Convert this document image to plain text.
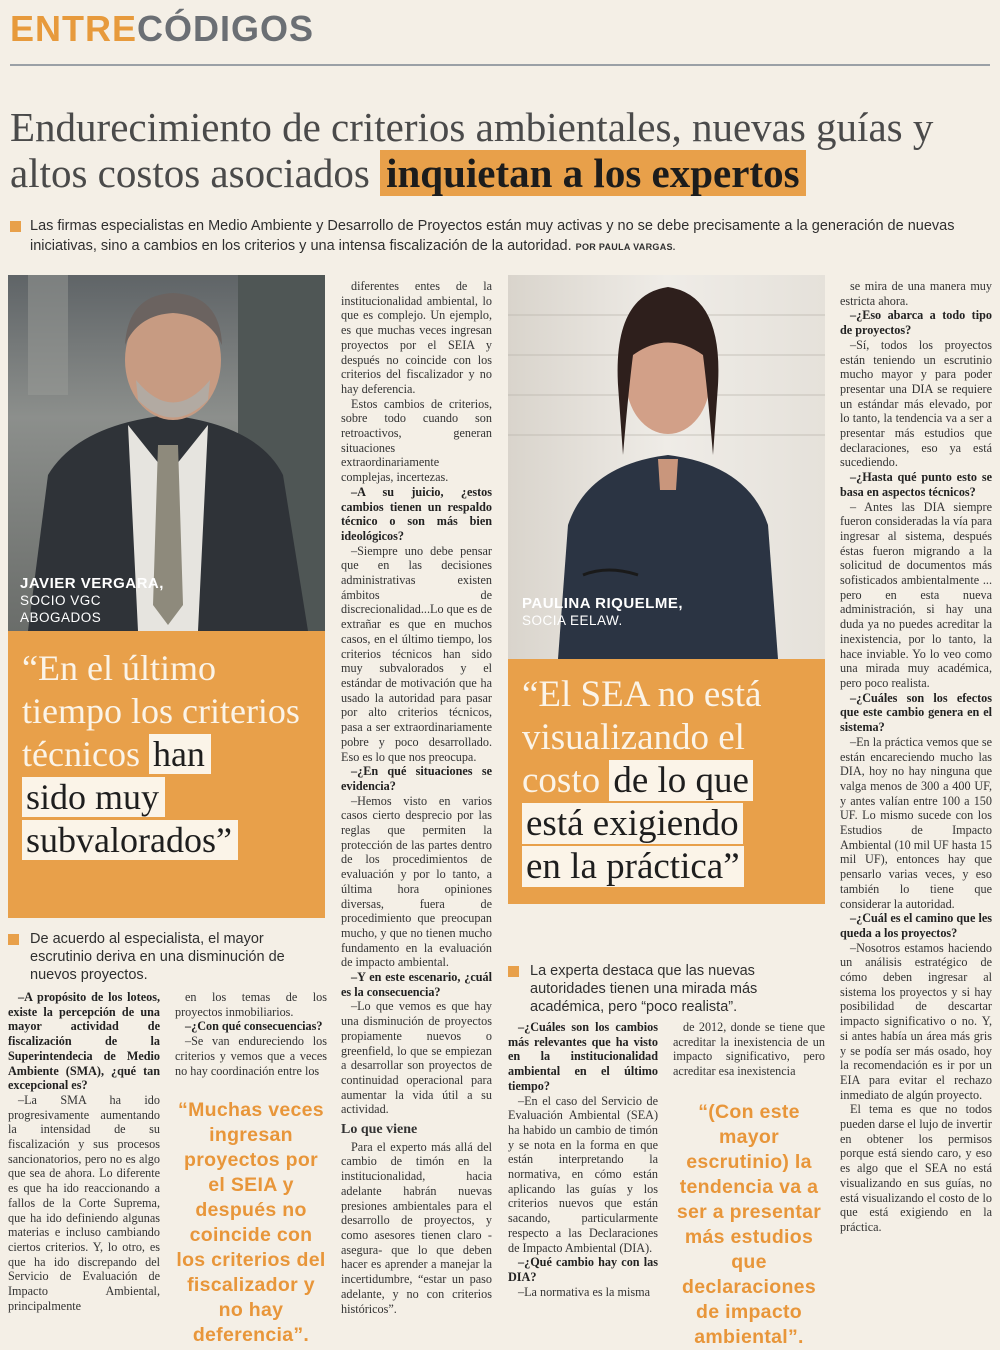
ENTRECÓDIGOS
Endurecimiento de criterios ambientales, nuevas guías y altos costos asociados inquietan a los expertos
Las firmas especialistas en Medio Ambiente y Desarrollo de Proyectos están muy activas y no se debe precisamente a la generación de nuevas iniciativas, sino a cambios en los criterios y una intensa fiscalización de la autoridad. POR PAULA VARGAS.
JAVIER VERGARA,
SOCIO VGC
ABOGADOS
“En el último tiempo los criterios técnicos han
sido muy
subvalorados”
De acuerdo al especialista, el mayor escrutinio deriva en una disminución de nuevos proyectos.

–A propósito de los loteos, existe la percepción de una mayor actividad de fiscalización de la Superintendecia de Medio Ambiente (SMA), ¿qué tan excepcional es?

–La SMA ha ido progresivamente aumentando la intensidad de su fiscalización y sus procesos sancionatorios, pero no es algo que sea de ahora. Lo diferente es que ha ido reaccionando a fallos de la Corte Suprema, que ha ido definiendo algunas materias e incluso cambiando ciertos criterios. Y, lo otro, es que ha ido discrepando del Servicio de Evaluación de Impacto Ambiental, principalmente

en los temas de los proyectos inmobiliarios.

–¿Con qué consecuencias?

–Se van endureciendo los criterios y vemos que a veces no hay coordinación entre los

“Muchas veces ingresan proyectos por el SEIA y después no coincide con los criterios del fiscalizador y no hay deferencia”.

diferentes entes de la institucionalidad ambiental, lo que es complejo. Un ejemplo, es que muchas veces ingresan proyectos por el SEIA y después no coincide con los criterios del fiscalizador y no hay deferencia.

Estos cambios de criterios, sobre todo cuando son retroactivos, generan situaciones extraordinariamente complejas, incertezas.

–A su juicio, ¿estos cambios tienen un respaldo técnico o son más bien ideológicos?

–Siempre uno debe pensar que en las decisiones administrativas existen ámbitos de discrecionalidad...Lo que es de extrañar es que en muchos casos, en el último tiempo, los criterios técnicos han sido muy subvalorados y el estándar de motivación que ha usado la autoridad para pasar por alto criterios técnicos, pasa a ser extraordinariamente pobre y poco desarrollado. Eso es lo que nos preocupa.

–¿En qué situaciones se evidencia?

–Hemos visto en varios casos cierto desprecio por las reglas que permiten la protección de las partes dentro de los procedimientos de evaluación y por lo tanto, a última hora opiniones diversas, fuera de procedimiento que preocupan mucho, y que no tienen mucho fundamento en la evaluación de impacto ambiental.

–Y en este escenario, ¿cuál es la consecuencia?

–Lo que vemos es que hay una disminución de proyectos propiamente nuevos o greenfield, lo que se empiezan a desarrollar son proyectos de continuidad operacional para aumentar la vida útil a su actividad.

Lo que viene

Para el experto más allá del cambio de timón en la institucionalidad, hacia adelante habrán nuevas presiones ambientales para el desarrollo de proyectos, y como asesores tienen claro -asegura- que lo que deben hacer es aprender a manejar la incertidumbre, “estar un paso adelante, y no con criterios históricos”.

PAULINA RIQUELME,
SOCIA EELAW.
“El SEA no está visualizando el costo de lo que
está exigiendo
en la práctica”
La experta destaca que las nuevas autoridades tienen una mirada más académica, pero “poco realista”.

–¿Cuáles son los cambios más relevantes que ha visto en la institucionalidad ambiental en el último tiempo?

–En el caso del Servicio de Evaluación Ambiental (SEA) ha habido un cambio de timón y se nota en la forma en que están interpretando la normativa, en cómo están aplicando las guías y los criterios nuevos que están sacando, particularmente respecto a las Declaraciones de Impacto Ambiental (DIA).

–¿Qué cambio hay con las DIA?

–La normativa es la misma

de 2012, donde se tiene que acreditar la inexistencia de un impacto significativo, pero acreditar esa inexistencia

“(Con este mayor escrutinio) la tendencia va a ser a presentar más estudios que declaraciones de impacto ambiental”.

se mira de una manera muy estricta ahora.

–¿Eso abarca a todo tipo de proyectos?

–Sí, todos los proyectos están teniendo un escrutinio mucho mayor y para poder presentar una DIA se requiere un estándar más elevado, por lo tanto, la tendencia va a ser a presentar más estudios que declaraciones, eso ya está sucediendo.

–¿Hasta qué punto esto se basa en aspectos técnicos?

– Antes las DIA siempre fueron consideradas la vía para ingresar al sistema, después éstas fueron migrando a la solicitud de documentos más sofisticados ambientalmente ... pero en esta nueva administración, si hay una duda ya no puedes acreditar la inexistencia, por lo tanto, la hace inviable. Yo lo veo como una mirada muy académica, pero poco realista.

–¿Cuáles son los efectos que este cambio genera en el sistema?

–En la práctica vemos que se están encareciendo mucho las DIA, hoy no hay ninguna que valga menos de 300 a 400 UF, y antes valían entre 100 a 150 UF. Lo mismo sucede con los Estudios de Impacto Ambiental (10 mil UF hasta 15 mil UF), entonces hay que pensarlo varias veces, y eso también lo tiene que considerar la autoridad.

–¿Cuál es el camino que les queda a los proyectos?

–Nosotros estamos haciendo un análisis estratégico de cómo deben ingresar al sistema los proyectos y si hay posibilidad de descartar impacto significativo o no. Y, si antes había un área más gris y se podía ser más osado, hoy la recomendación es ir por un EIA para evitar el rechazo inmediato de algún proyecto.

El tema es que no todos pueden darse el lujo de invertir en obtener los permisos porque está siendo caro, y eso es algo que el SEA no está visualizando en sus guías, no está visualizando el costo de lo que está exigiendo en la práctica.
